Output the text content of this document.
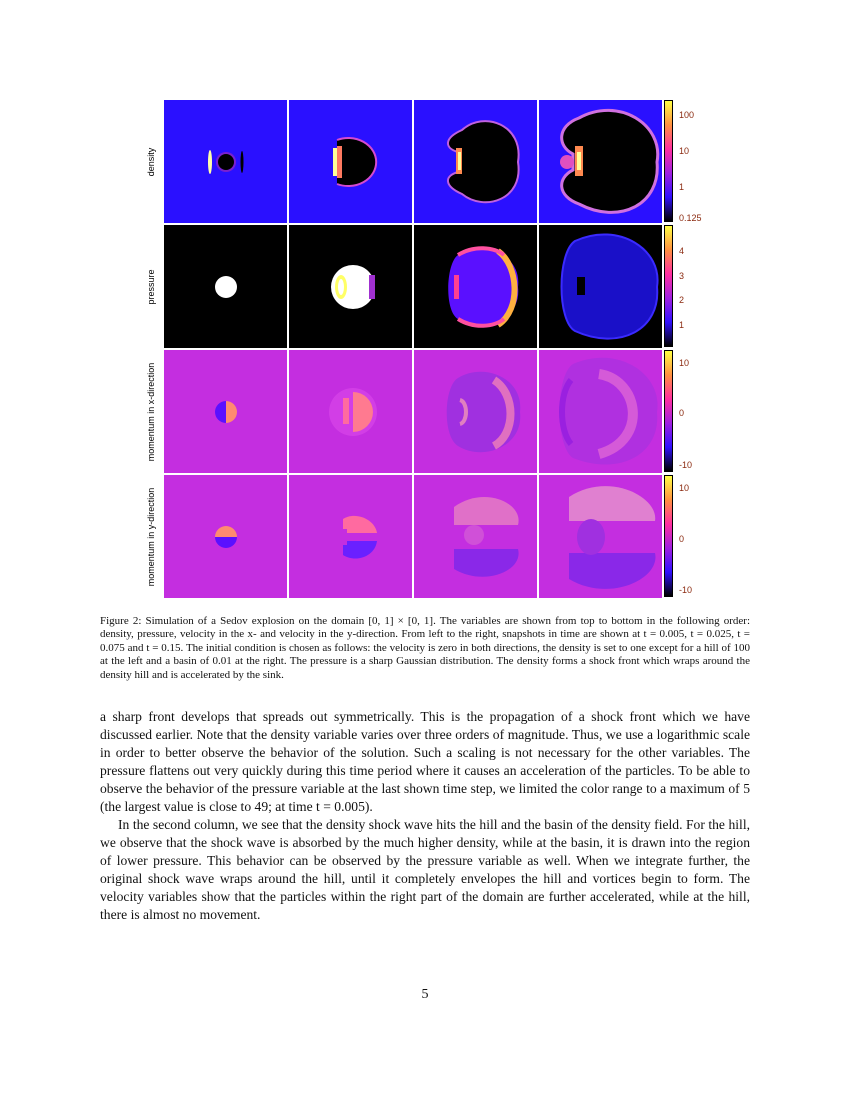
density
pressure
momentum in x-direction
momentum in y-direction
100
10
1
0.125
4
3
2
1
10
0
-10
10
0
-10
Figure 2: Simulation of a Sedov explosion on the domain [0, 1] × [0, 1]. The variables are shown from top to bottom in the following order: density, pressure, velocity in the x- and velocity in the y-direction. From left to the right, snapshots in time are shown at t = 0.005, t = 0.025, t = 0.075 and t = 0.15. The initial condition is chosen as follows: the velocity is zero in both directions, the density is set to one except for a hill of 100 at the left and a basin of 0.01 at the right. The pressure is a sharp Gaussian distribution. The density forms a shock front which wraps around the density hill and is accelerated by the sink.

a sharp front develops that spreads out symmetrically. This is the propagation of a shock front which we have discussed earlier. Note that the density variable varies over three orders of magnitude. Thus, we use a logarithmic scale in order to better observe the behavior of the solution. Such a scaling is not necessary for the other variables. The pressure flattens out very quickly during this time period where it causes an acceleration of the particles. To be able to observe the behavior of the pressure variable at the last shown time step, we limited the color range to a maximum of 5 (the largest value is close to 49; at time t = 0.005).

In the second column, we see that the density shock wave hits the hill and the basin of the density field. For the hill, we observe that the shock wave is absorbed by the much higher density, while at the basin, it is drawn into the region of lower pressure. This behavior can be observed by the pressure variable as well. When we integrate further, the original shock wave wraps around the hill, until it completely envelopes the hill and vortices begin to form. The velocity variables show that the particles within the right part of the domain are further accelerated, while at the hill, there is almost no movement.

5
